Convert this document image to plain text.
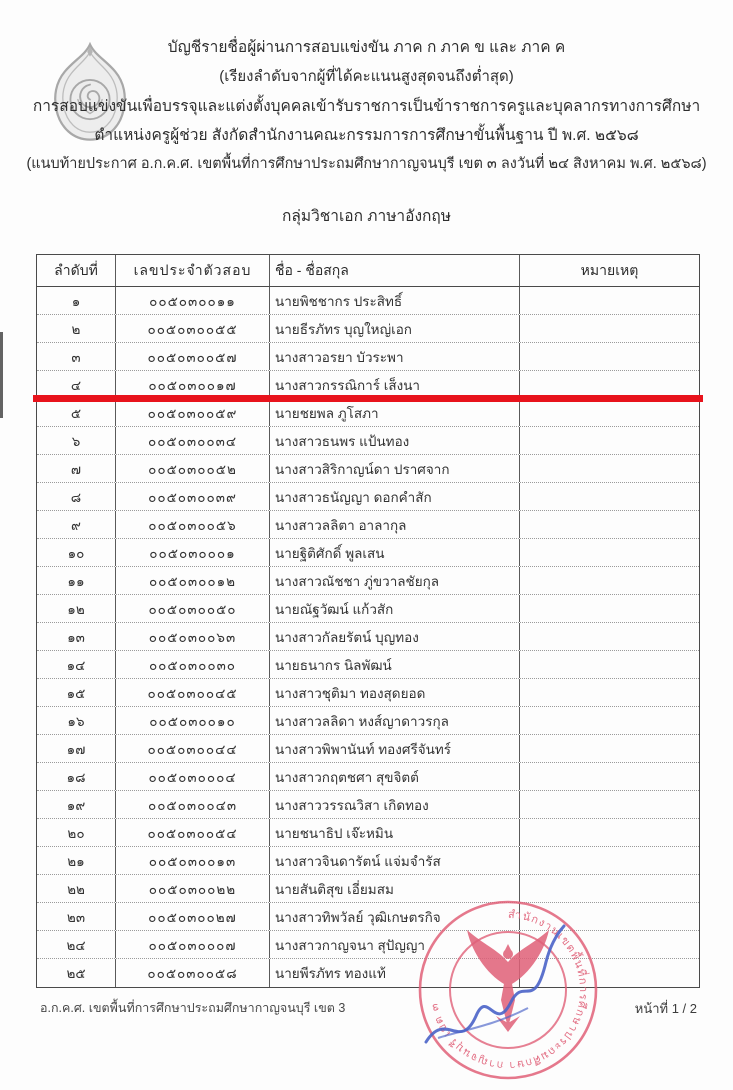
บัญชีรายชื่อผู้ผ่านการสอบแข่งขัน ภาค ก ภาค ข และ ภาค ค
(เรียงลำดับจากผู้ที่ได้คะแนนสูงสุดจนถึงต่ำสุด)
การสอบแข่งขันเพื่อบรรจุและแต่งตั้งบุคคลเข้ารับราชการเป็นข้าราชการครูและบุคลากรทางการศึกษา
ตำแหน่งครูผู้ช่วย สังกัดสำนักงานคณะกรรมการการศึกษาขั้นพื้นฐาน ปี พ.ศ. ๒๕๖๘
(แนบท้ายประกาศ อ.ก.ค.ศ. เขตพื้นที่การศึกษาประถมศึกษากาญจนบุรี เขต ๓ ลงวันที่ ๒๔ สิงหาคม พ.ศ. ๒๕๖๘)
กลุ่มวิชาเอก ภาษาอังกฤษ
ลำดับที่	เลขประจำตัวสอบ	ชื่อ - ชื่อสกุล	หมายเหตุ
๑	๐๐๕๐๓๐๐๑๑	นายพิชชากร ประสิทธิ์
๒	๐๐๕๐๓๐๐๕๕	นายธีรภัทร บุญใหญ่เอก
๓	๐๐๕๐๓๐๐๕๗	นางสาวอรยา บัวระพา
๔	๐๐๕๐๓๐๐๑๗	นางสาวกรรณิการ์ เส็งนา
๕	๐๐๕๐๓๐๐๕๙	นายชยพล ภูโสภา
๖	๐๐๕๐๓๐๐๓๔	นางสาวธนพร แป้นทอง
๗	๐๐๕๐๓๐๐๕๒	นางสาวสิริกาญน์ดา ปราศจาก
๘	๐๐๕๐๓๐๐๓๙	นางสาวธนัญญา ดอกคำสัก
๙	๐๐๕๐๓๐๐๕๖	นางสาวลลิตา อาลากุล
๑๐	๐๐๕๐๓๐๐๐๑	นายฐิติศักดิ์ พูลเสน
๑๑	๐๐๕๐๓๐๐๑๒	นางสาวณัชชา ภู่ขวาลชัยกุล
๑๒	๐๐๕๐๓๐๐๕๐	นายณัฐวัฒน์ แก้วสัก
๑๓	๐๐๕๐๓๐๐๖๓	นางสาวกัลยรัตน์ บุญทอง
๑๔	๐๐๕๐๓๐๐๓๐	นายธนากร นิลพัฒน์
๑๕	๐๐๕๐๓๐๐๔๕	นางสาวชุติมา ทองสุดยอด
๑๖	๐๐๕๐๓๐๐๑๐	นางสาวลลิดา หงส์ญาดาวรกุล
๑๗	๐๐๕๐๓๐๐๔๔	นางสาวพิพานันท์ ทองศรีจันทร์
๑๘	๐๐๕๐๓๐๐๐๔	นางสาวกฤตชศา สุขจิตต์
๑๙	๐๐๕๐๓๐๐๔๓	นางสาววรรณวิสา เกิดทอง
๒๐	๐๐๕๐๓๐๐๕๔	นายชนาธิป เจ๊ะหมิน
๒๑	๐๐๕๐๓๐๐๑๓	นางสาวจินดารัตน์ แจ่มจำรัส
๒๒	๐๐๕๐๓๐๐๒๒	นายสันติสุข เอี่ยมสม
๒๓	๐๐๕๐๓๐๐๒๗	นางสาวทิพวัลย์ วุฒิเกษตรกิจ
๒๔	๐๐๕๐๓๐๐๐๗	นางสาวกาญจนา สุปัญญา
๒๕	๐๐๕๐๓๐๐๕๘	นายพีรภัทร ทองแท้
สำนักงานเขตพื้นที่การศึกษาประถมศึกษา กาญจนบุรี เขต ๓
อ.ก.ค.ศ. เขตพื้นที่การศึกษาประถมศึกษากาญจนบุรี เขต 3	หน้าที่ 1 / 2
